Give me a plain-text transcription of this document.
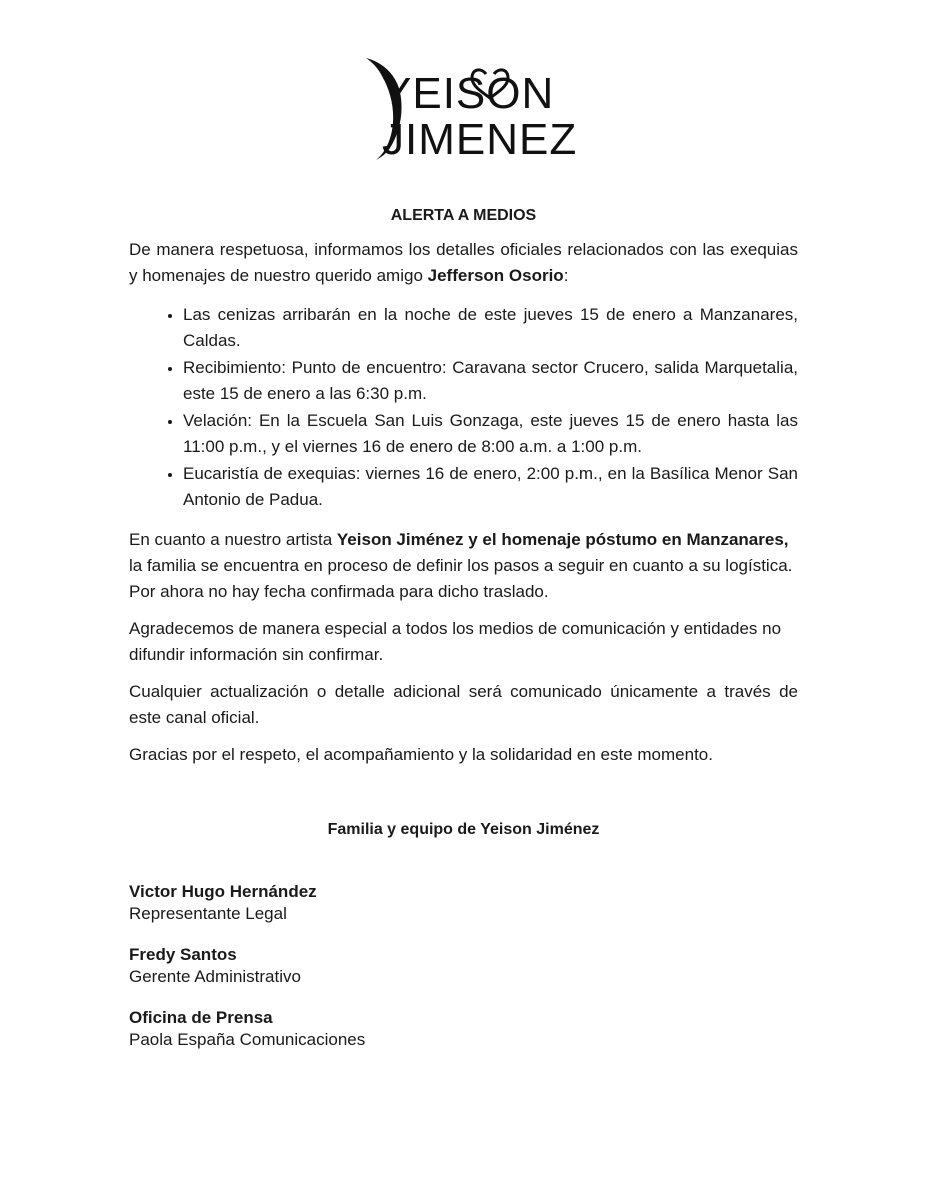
YEISON
JIMENEZ
ALERTA A MEDIOS

De manera respetuosa, informamos los detalles oficiales relacionados con las exequias y homenajes de nuestro querido amigo Jefferson Osorio:

• Las cenizas arribarán en la noche de este jueves 15 de enero a Manzanares, Caldas.
• Recibimiento: Punto de encuentro: Caravana sector Crucero, salida Marquetalia, este 15 de enero a las 6:30 p.m.
• Velación: En la Escuela San Luis Gonzaga, este jueves 15 de enero hasta las 11:00 p.m., y el viernes 16 de enero de 8:00 a.m. a 1:00 p.m.
• Eucaristía de exequias: viernes 16 de enero, 2:00 p.m., en la Basílica Menor San Antonio de Padua.

En cuanto a nuestro artista Yeison Jiménez y el homenaje póstumo en Manzanares, la familia se encuentra en proceso de definir los pasos a seguir en cuanto a su logística. Por ahora no hay fecha confirmada para dicho traslado.

Agradecemos de manera especial a todos los medios de comunicación y entidades no difundir información sin confirmar.

Cualquier actualización o detalle adicional será comunicado únicamente a través de este canal oficial.

Gracias por el respeto, el acompañamiento y la solidaridad en este momento.

Familia y equipo de Yeison Jiménez
Victor Hugo Hernández
Representante Legal
Fredy Santos
Gerente Administrativo
Oficina de Prensa
Paola España Comunicaciones
